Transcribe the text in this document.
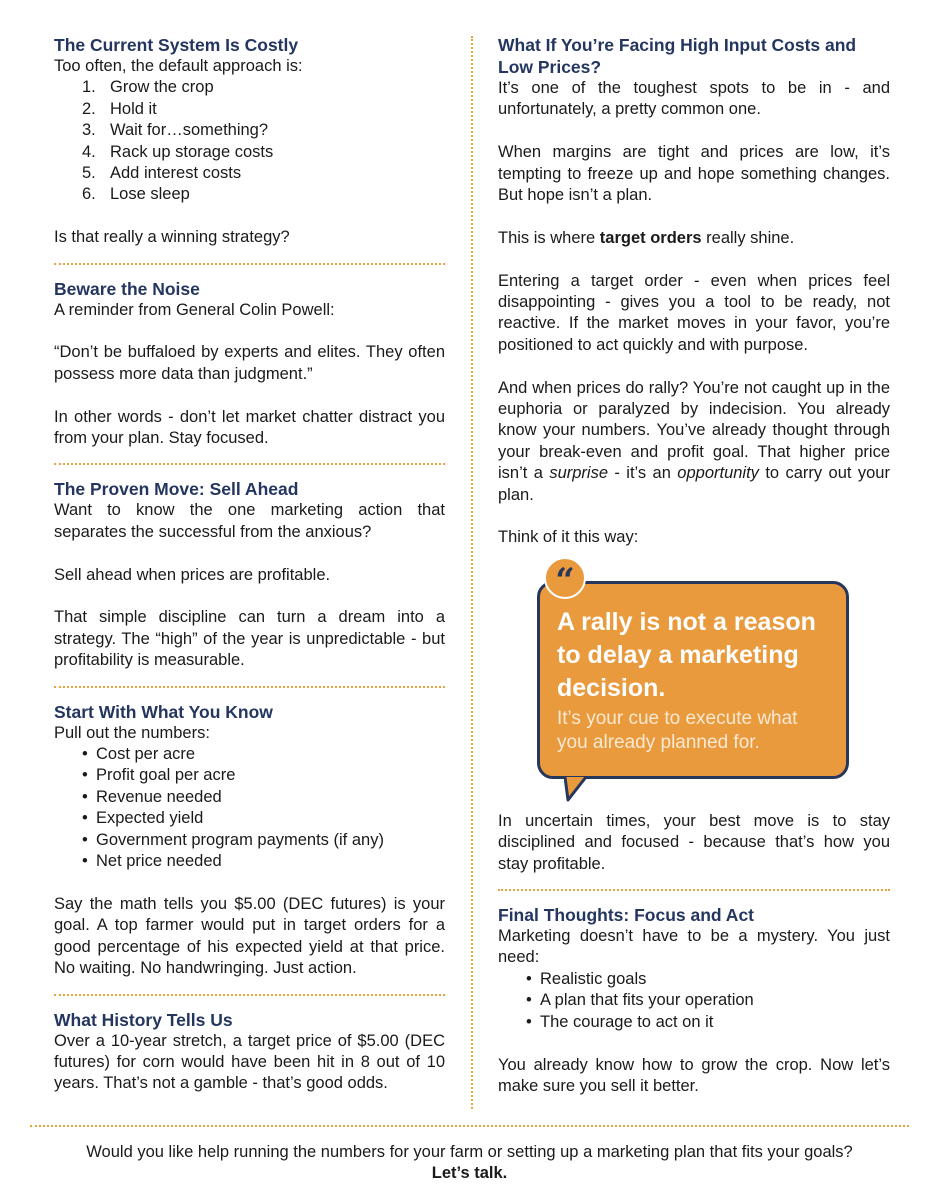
The Current System Is Costly

Too often, the default approach is:

1. Grow the crop
2. Hold it
3. Wait for…something?
4. Rack up storage costs
5. Add interest costs
6. Lose sleep

Is that really a winning strategy?

Beware the Noise

A reminder from General Colin Powell:

“Don’t be buffaloed by experts and elites. They often possess more data than judgment.”

In other words - don’t let market chatter distract you from your plan. Stay focused.

The Proven Move: Sell Ahead

Want to know the one marketing action that separates the successful from the anxious?

Sell ahead when prices are profitable.

That simple discipline can turn a dream into a strategy. The “high” of the year is unpredictable - but profitability is measurable.

Start With What You Know

Pull out the numbers:

• Cost per acre
• Profit goal per acre
• Revenue needed
• Expected yield
• Government program payments (if any)
• Net price needed

Say the math tells you $5.00 (DEC futures) is your goal. A top farmer would put in target orders for a good percentage of his expected yield at that price. No waiting. No handwringing. Just action.

What History Tells Us

Over a 10-year stretch, a target price of $5.00 (DEC futures) for corn would have been hit in 8 out of 10 years. That’s not a gamble - that’s good odds.

What If You’re Facing High Input Costs and Low Prices?

It’s one of the toughest spots to be in - and unfortunately, a pretty common one.

When margins are tight and prices are low, it’s tempting to freeze up and hope something changes. But hope isn’t a plan.

This is where target orders really shine.

Entering a target order - even when prices feel disappointing - gives you a tool to be ready, not reactive. If the market moves in your favor, you’re positioned to act quickly and with purpose.

And when prices do rally? You’re not caught up in the euphoria or paralyzed by indecision. You already know your numbers. You’ve already thought through your break-even and profit goal. That higher price isn’t a surprise - it’s an opportunity to carry out your plan.

Think of it this way:

A rally is not a reason to delay a marketing decision.
It’s your cue to execute what you already planned for.
“

In uncertain times, your best move is to stay disciplined and focused - because that’s how you stay profitable.

Final Thoughts: Focus and Act

Marketing doesn’t have to be a mystery. You just need:

• Realistic goals
• A plan that fits your operation
• The courage to act on it

You already know how to grow the crop. Now let’s make sure you sell it better.

Would you like help running the numbers for your farm or setting up a marketing plan that fits your goals?

Let’s talk.
